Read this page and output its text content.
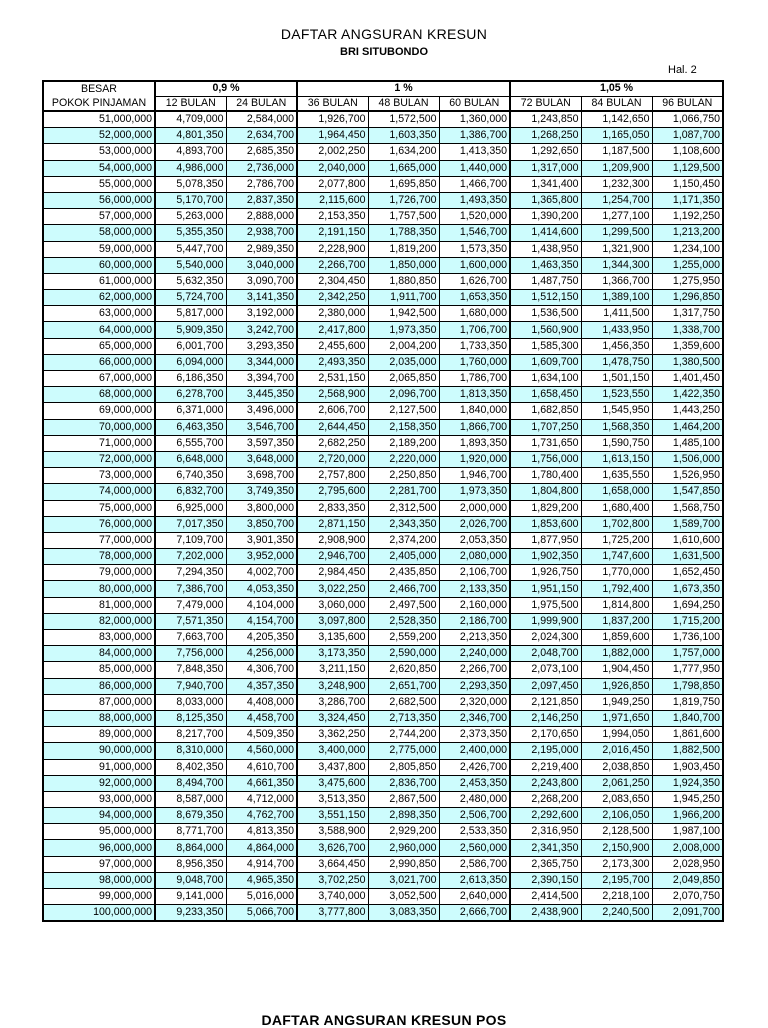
DAFTAR ANGSURAN KRESUN
BRI SITUBONDO
Hal. 2
BESAR	0,9 %		1 %			1,05 %		
POKOK PINJAMAN	12 BULAN	24 BULAN	36 BULAN	48 BULAN	60 BULAN	72 BULAN	84 BULAN	96 BULAN
51,000,000	4,709,000	2,584,000	1,926,700	1,572,500	1,360,000	1,243,850	1,142,650	1,066,750
52,000,000	4,801,350	2,634,700	1,964,450	1,603,350	1,386,700	1,268,250	1,165,050	1,087,700
53,000,000	4,893,700	2,685,350	2,002,250	1,634,200	1,413,350	1,292,650	1,187,500	1,108,600
54,000,000	4,986,000	2,736,000	2,040,000	1,665,000	1,440,000	1,317,000	1,209,900	1,129,500
55,000,000	5,078,350	2,786,700	2,077,800	1,695,850	1,466,700	1,341,400	1,232,300	1,150,450
56,000,000	5,170,700	2,837,350	2,115,600	1,726,700	1,493,350	1,365,800	1,254,700	1,171,350
57,000,000	5,263,000	2,888,000	2,153,350	1,757,500	1,520,000	1,390,200	1,277,100	1,192,250
58,000,000	5,355,350	2,938,700	2,191,150	1,788,350	1,546,700	1,414,600	1,299,500	1,213,200
59,000,000	5,447,700	2,989,350	2,228,900	1,819,200	1,573,350	1,438,950	1,321,900	1,234,100
60,000,000	5,540,000	3,040,000	2,266,700	1,850,000	1,600,000	1,463,350	1,344,300	1,255,000
61,000,000	5,632,350	3,090,700	2,304,450	1,880,850	1,626,700	1,487,750	1,366,700	1,275,950
62,000,000	5,724,700	3,141,350	2,342,250	1,911,700	1,653,350	1,512,150	1,389,100	1,296,850
63,000,000	5,817,000	3,192,000	2,380,000	1,942,500	1,680,000	1,536,500	1,411,500	1,317,750
64,000,000	5,909,350	3,242,700	2,417,800	1,973,350	1,706,700	1,560,900	1,433,950	1,338,700
65,000,000	6,001,700	3,293,350	2,455,600	2,004,200	1,733,350	1,585,300	1,456,350	1,359,600
66,000,000	6,094,000	3,344,000	2,493,350	2,035,000	1,760,000	1,609,700	1,478,750	1,380,500
67,000,000	6,186,350	3,394,700	2,531,150	2,065,850	1,786,700	1,634,100	1,501,150	1,401,450
68,000,000	6,278,700	3,445,350	2,568,900	2,096,700	1,813,350	1,658,450	1,523,550	1,422,350
69,000,000	6,371,000	3,496,000	2,606,700	2,127,500	1,840,000	1,682,850	1,545,950	1,443,250
70,000,000	6,463,350	3,546,700	2,644,450	2,158,350	1,866,700	1,707,250	1,568,350	1,464,200
71,000,000	6,555,700	3,597,350	2,682,250	2,189,200	1,893,350	1,731,650	1,590,750	1,485,100
72,000,000	6,648,000	3,648,000	2,720,000	2,220,000	1,920,000	1,756,000	1,613,150	1,506,000
73,000,000	6,740,350	3,698,700	2,757,800	2,250,850	1,946,700	1,780,400	1,635,550	1,526,950
74,000,000	6,832,700	3,749,350	2,795,600	2,281,700	1,973,350	1,804,800	1,658,000	1,547,850
75,000,000	6,925,000	3,800,000	2,833,350	2,312,500	2,000,000	1,829,200	1,680,400	1,568,750
76,000,000	7,017,350	3,850,700	2,871,150	2,343,350	2,026,700	1,853,600	1,702,800	1,589,700
77,000,000	7,109,700	3,901,350	2,908,900	2,374,200	2,053,350	1,877,950	1,725,200	1,610,600
78,000,000	7,202,000	3,952,000	2,946,700	2,405,000	2,080,000	1,902,350	1,747,600	1,631,500
79,000,000	7,294,350	4,002,700	2,984,450	2,435,850	2,106,700	1,926,750	1,770,000	1,652,450
80,000,000	7,386,700	4,053,350	3,022,250	2,466,700	2,133,350	1,951,150	1,792,400	1,673,350
81,000,000	7,479,000	4,104,000	3,060,000	2,497,500	2,160,000	1,975,500	1,814,800	1,694,250
82,000,000	7,571,350	4,154,700	3,097,800	2,528,350	2,186,700	1,999,900	1,837,200	1,715,200
83,000,000	7,663,700	4,205,350	3,135,600	2,559,200	2,213,350	2,024,300	1,859,600	1,736,100
84,000,000	7,756,000	4,256,000	3,173,350	2,590,000	2,240,000	2,048,700	1,882,000	1,757,000
85,000,000	7,848,350	4,306,700	3,211,150	2,620,850	2,266,700	2,073,100	1,904,450	1,777,950
86,000,000	7,940,700	4,357,350	3,248,900	2,651,700	2,293,350	2,097,450	1,926,850	1,798,850
87,000,000	8,033,000	4,408,000	3,286,700	2,682,500	2,320,000	2,121,850	1,949,250	1,819,750
88,000,000	8,125,350	4,458,700	3,324,450	2,713,350	2,346,700	2,146,250	1,971,650	1,840,700
89,000,000	8,217,700	4,509,350	3,362,250	2,744,200	2,373,350	2,170,650	1,994,050	1,861,600
90,000,000	8,310,000	4,560,000	3,400,000	2,775,000	2,400,000	2,195,000	2,016,450	1,882,500
91,000,000	8,402,350	4,610,700	3,437,800	2,805,850	2,426,700	2,219,400	2,038,850	1,903,450
92,000,000	8,494,700	4,661,350	3,475,600	2,836,700	2,453,350	2,243,800	2,061,250	1,924,350
93,000,000	8,587,000	4,712,000	3,513,350	2,867,500	2,480,000	2,268,200	2,083,650	1,945,250
94,000,000	8,679,350	4,762,700	3,551,150	2,898,350	2,506,700	2,292,600	2,106,050	1,966,200
95,000,000	8,771,700	4,813,350	3,588,900	2,929,200	2,533,350	2,316,950	2,128,500	1,987,100
96,000,000	8,864,000	4,864,000	3,626,700	2,960,000	2,560,000	2,341,350	2,150,900	2,008,000
97,000,000	8,956,350	4,914,700	3,664,450	2,990,850	2,586,700	2,365,750	2,173,300	2,028,950
98,000,000	9,048,700	4,965,350	3,702,250	3,021,700	2,613,350	2,390,150	2,195,700	2,049,850
99,000,000	9,141,000	5,016,000	3,740,000	3,052,500	2,640,000	2,414,500	2,218,100	2,070,750
100,000,000	9,233,350	5,066,700	3,777,800	3,083,350	2,666,700	2,438,900	2,240,500	2,091,700
DAFTAR ANGSURAN KRESUN POS
